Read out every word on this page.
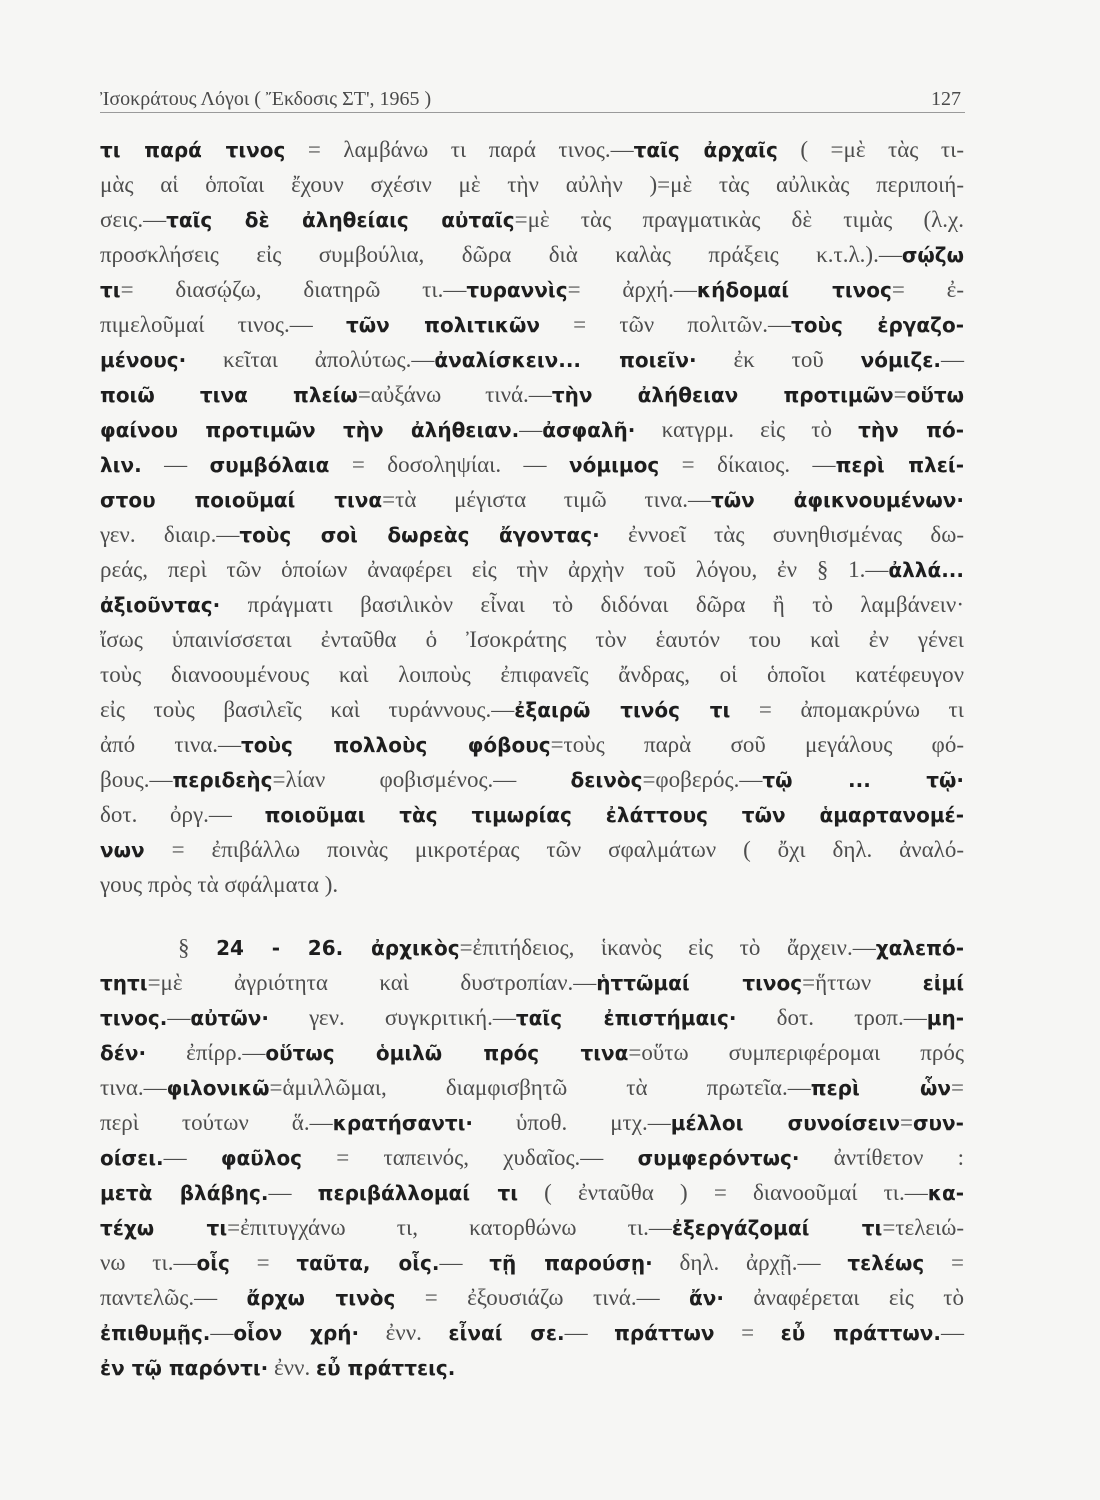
Ἰσοκράτους Λόγοι ( Ἔκδοσις ΣΤ', 1965 )	127
τι παρά τινος = λαμβάνω τι παρά τινος.—ταῖς ἀρχαῖς ( =μὲ τὰς τι-
μὰς αἱ ὁποῖαι ἔχουν σχέσιν μὲ τὴν αὐλὴν )=μὲ τὰς αὐλικὰς περιποιή-
σεις.—ταῖς δὲ ἀληθείαις αὐταῖς=μὲ τὰς πραγματικὰς δὲ τιμὰς (λ.χ.
προσκλήσεις εἰς συμβούλια, δῶρα διὰ καλὰς πράξεις κ.τ.λ.).—σῴζω
τι= διασῴζω, διατηρῶ τι.—τυραννὶς= ἀρχή.—κήδομαί τινος= ἐ-
πιμελοῦμαί τινος.— τῶν πολιτικῶν = τῶν πολιτῶν.—τοὺς ἐργαζο-
μένους· κεῖται ἀπολύτως.—ἀναλίσκειν... ποιεῖν· ἐκ τοῦ νόμιζε.—
ποιῶ τινα πλείω=αὐξάνω τινά.—τὴν ἀλήθειαν προτιμῶν=οὕτω
φαίνου προτιμῶν τὴν ἀλήθειαν.—ἀσφαλῆ· κατγρμ. εἰς τὸ τὴν πό-
λιν. — συμβόλαια = δοσοληψίαι. — νόμιμος = δίκαιος. —περὶ πλεί-
στου ποιοῦμαί τινα=τὰ μέγιστα τιμῶ τινα.—τῶν ἀφικνουμένων·
γεν. διαιρ.—τοὺς σοὶ δωρεὰς ἄγοντας· ἐννοεῖ τὰς συνηθισμένας δω-
ρεάς, περὶ τῶν ὁποίων ἀναφέρει εἰς τὴν ἀρχὴν τοῦ λόγου, ἐν § 1.—ἀλλά...
ἀξιοῦντας· πράγματι βασιλικὸν εἶναι τὸ διδόναι δῶρα ἢ τὸ λαμβάνειν·
ἴσως ὑπαινίσσεται ἐνταῦθα ὁ Ἰσοκράτης τὸν ἑαυτόν του καὶ ἐν γένει
τοὺς διανοουμένους καὶ λοιποὺς ἐπιφανεῖς ἄνδρας, οἱ ὁποῖοι κατέφευγον
εἰς τοὺς βασιλεῖς καὶ τυράννους.—ἐξαιρῶ τινός τι = ἀπομακρύνω τι
ἀπό τινα.—τοὺς πολλοὺς φόβους=τοὺς παρὰ σοῦ μεγάλους φό-
βους.—περιδεὴς=λίαν φοβισμένος.— δεινὸς=φοβερός.—τῷ ... τῷ·
δοτ. ὀργ.— ποιοῦμαι τὰς τιμωρίας ἐλάττους τῶν ἁμαρτανομέ-
νων = ἐπιβάλλω ποινὰς μικροτέρας τῶν σφαλμάτων ( ὄχι δηλ. ἀναλό-
γους πρὸς τὰ σφάλματα ).
§ 24 - 26. ἀρχικὸς=ἐπιτήδειος, ἱκανὸς εἰς τὸ ἄρχειν.—χαλεπό-
τητι=μὲ ἀγριότητα καὶ δυστροπίαν.—ἡττῶμαί τινος=ἥττων εἰμί
τινος.—αὐτῶν· γεν. συγκριτική.—ταῖς ἐπιστήμαις· δοτ. τροπ.—μη-
δέν· ἐπίρρ.—οὕτως ὁμιλῶ πρός τινα=οὕτω συμπεριφέρομαι πρός
τινα.—φιλονικῶ=ἁμιλλῶμαι, διαμφισβητῶ τὰ πρωτεῖα.—περὶ ὧν=
περὶ τούτων ἅ.—κρατήσαντι· ὑποθ. μτχ.—μέλλοι συνοίσειν=συν-
οίσει.— φαῦλος = ταπεινός, χυδαῖος.— συμφερόντως· ἀντίθετον :
μετὰ βλάβης.— περιβάλλομαί τι ( ἐνταῦθα ) = διανοοῦμαί τι.—κα-
τέχω τι=ἐπιτυγχάνω τι, κατορθώνω τι.—ἐξεργάζομαί τι=τελειώ-
νω τι.—οἷς = ταῦτα, οἷς.— τῇ παρούσῃ· δηλ. ἀρχῇ.— τελέως =
παντελῶς.— ἄρχω τινὸς = ἐξουσιάζω τινά.— ἄν· ἀναφέρεται εἰς τὸ
ἐπιθυμῇς.—οἷον χρή· ἐνν. εἶναί σε.— πράττων = εὖ πράττων.—
ἐν τῷ παρόντι· ἐνν. εὖ πράττεις.
